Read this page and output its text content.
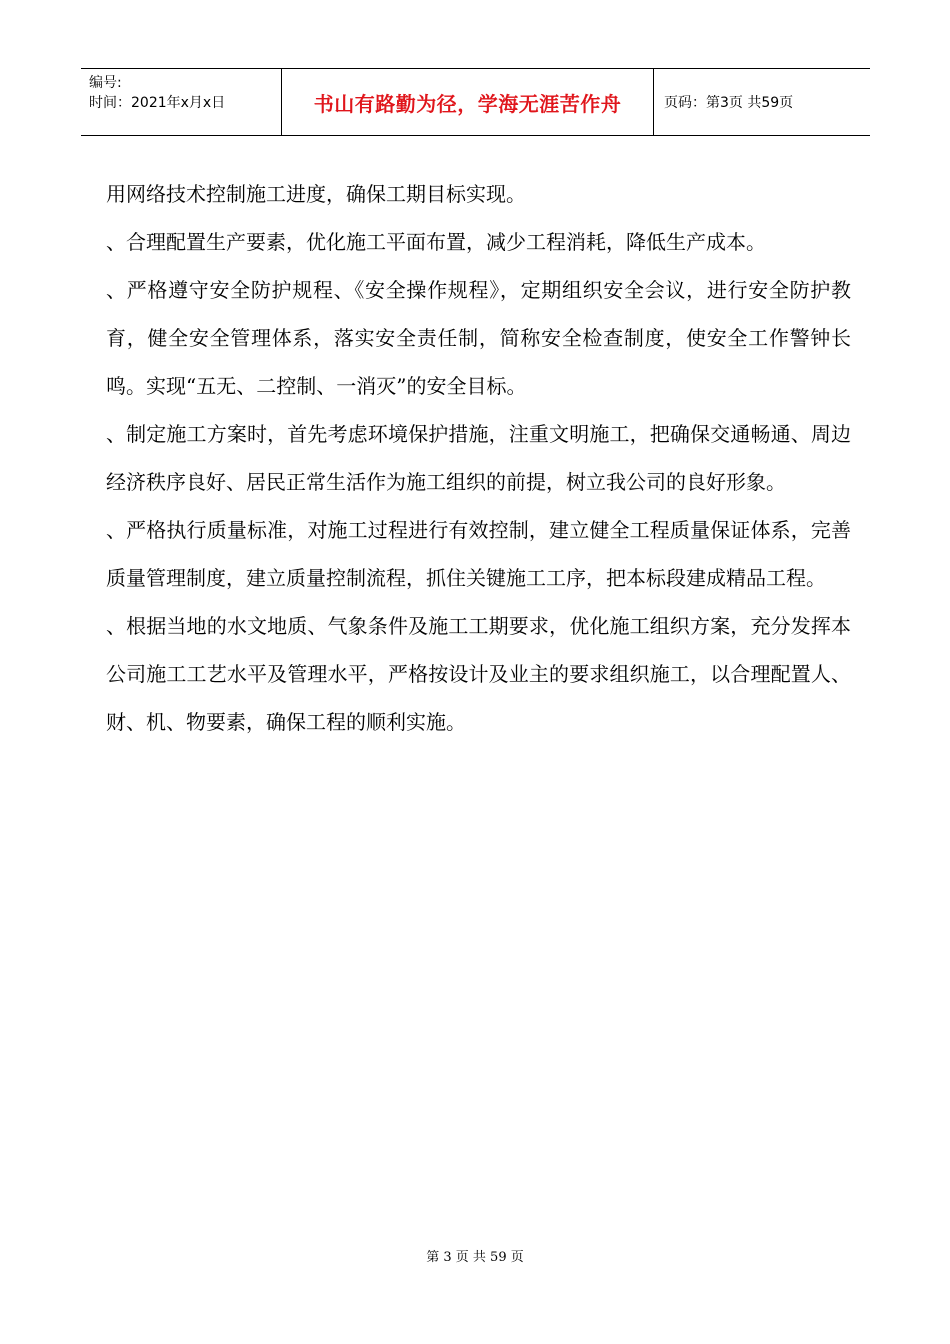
编号:
时间：2021年x月x日	书山有路勤为径，学海无涯苦作舟	页码：第3页 共59页

用网络技术控制施工进度，确保工期目标实现。

、合理配置生产要素，优化施工平面布置，减少工程消耗，降低生产成本。

、严格遵守安全防护规程、《安全操作规程》，定期组织安全会议，进行安全防护教育，健全安全管理体系，落实安全责任制，简称安全检查制度，使安全工作警钟长鸣。实现“五无、二控制、一消灭”的安全目标。

、制定施工方案时，首先考虑环境保护措施，注重文明施工，把确保交通畅通、周边经济秩序良好、居民正常生活作为施工组织的前提，树立我公司的良好形象。

、严格执行质量标准，对施工过程进行有效控制，建立健全工程质量保证体系，完善质量管理制度，建立质量控制流程，抓住关键施工工序，把本标段建成精品工程。

、根据当地的水文地质、气象条件及施工工期要求，优化施工组织方案，充分发挥本公司施工工艺水平及管理水平，严格按设计及业主的要求组织施工，以合理配置人、财、机、物要素，确保工程的顺利实施。

第 3 页 共 59 页
